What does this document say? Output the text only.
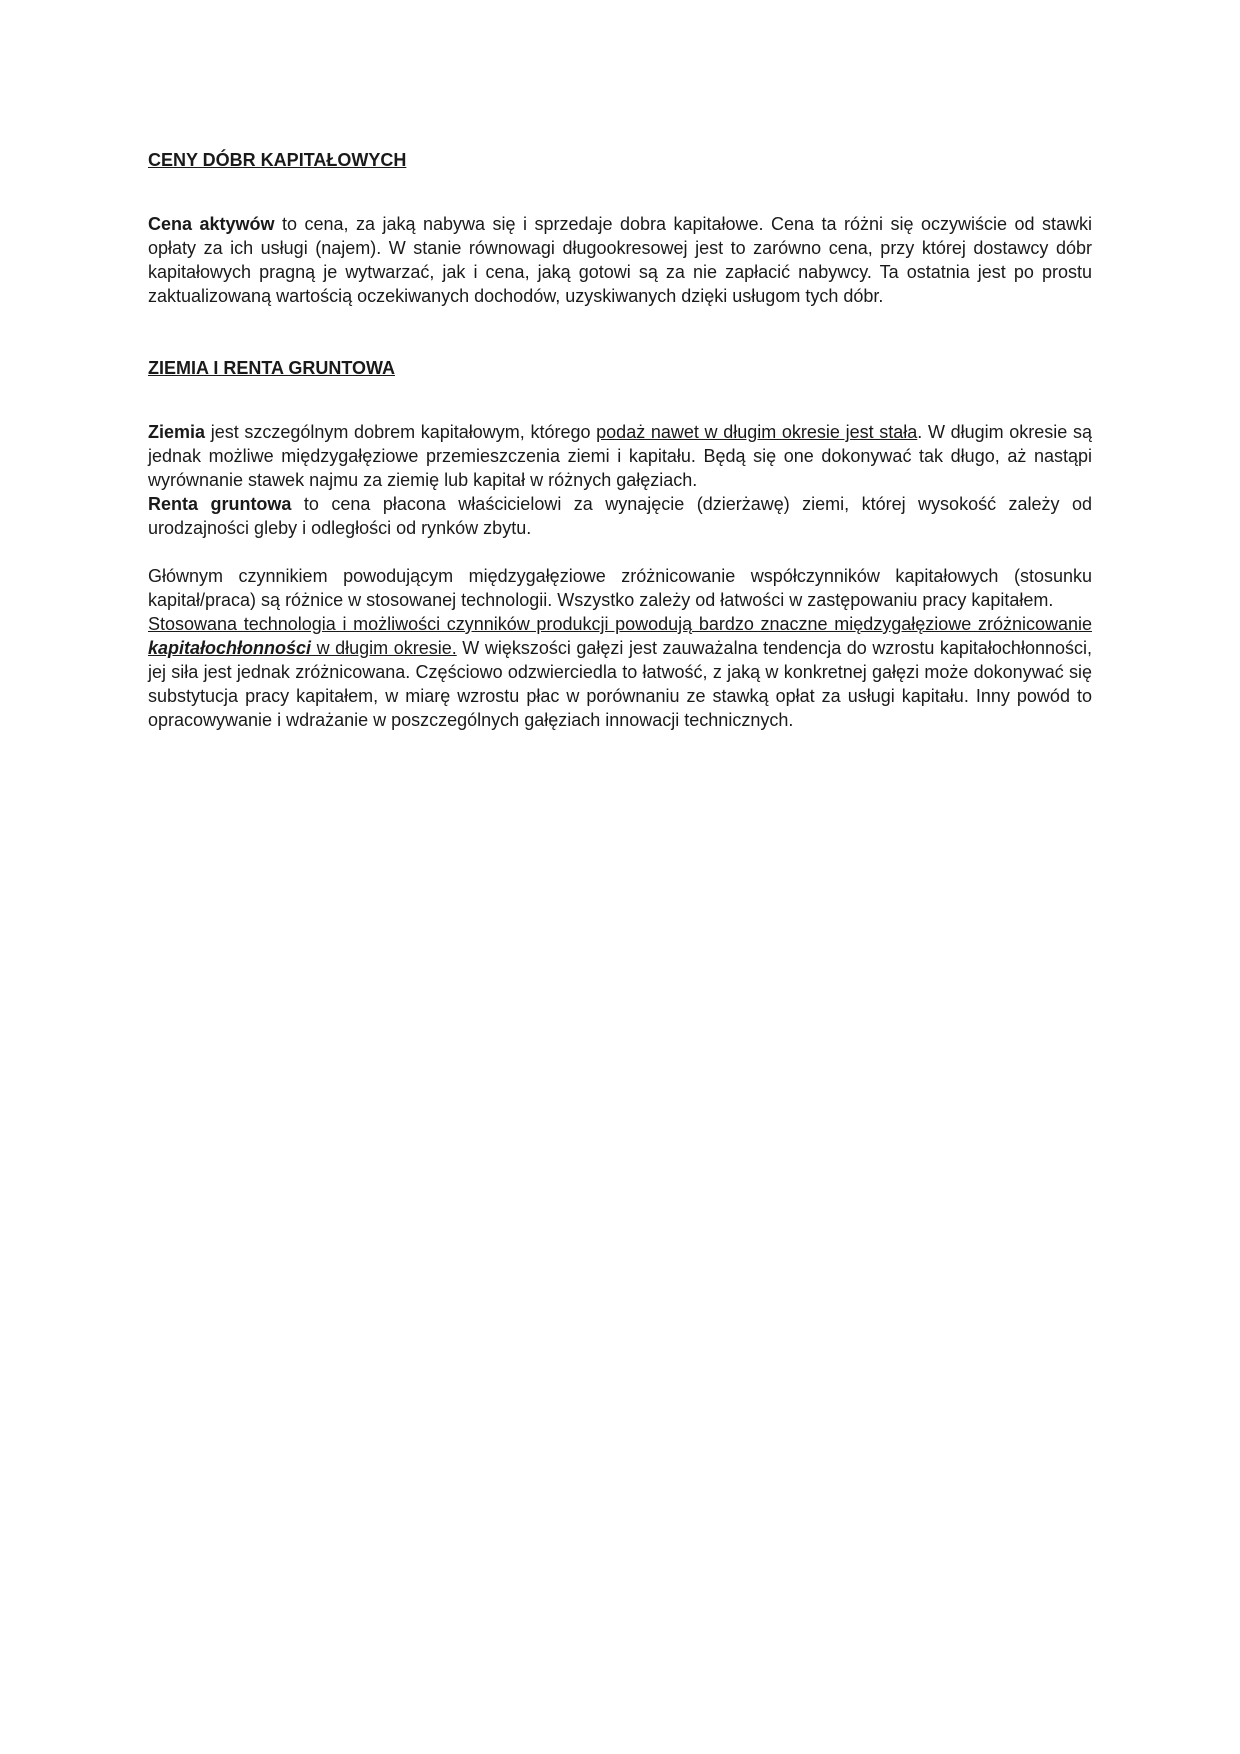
CENY DÓBR KAPITAŁOWYCH

Cena aktywów to cena, za jaką nabywa się i sprzedaje dobra kapitałowe. Cena ta różni się oczywiście od stawki opłaty za ich usługi (najem). W stanie równowagi długookresowej jest to zarówno cena, przy której dostawcy dóbr kapitałowych pragną je wytwarzać, jak i cena, jaką gotowi są za nie zapłacić nabywcy. Ta ostatnia jest po prostu zaktualizowaną wartością oczekiwanych dochodów, uzyskiwanych dzięki usługom tych dóbr.

ZIEMIA I RENTA GRUNTOWA

Ziemia jest szczególnym dobrem kapitałowym, którego podaż nawet w długim okresie jest stała. W długim okresie są jednak możliwe międzygałęziowe przemieszczenia ziemi i kapitału. Będą się one dokonywać tak długo, aż nastąpi wyrównanie stawek najmu za ziemię lub kapitał w różnych gałęziach.
Renta gruntowa to cena płacona właścicielowi za wynajęcie (dzierżawę) ziemi, której wysokość zależy od urodzajności gleby i odległości od rynków zbytu.

Głównym czynnikiem powodującym międzygałęziowe zróżnicowanie współczynników kapitałowych (stosunku kapitał/praca) są różnice w stosowanej technologii. Wszystko zależy od łatwości w zastępowaniu pracy kapitałem.
Stosowana technologia i możliwości czynników produkcji powodują bardzo znaczne międzygałęziowe zróżnicowanie kapitałochłonności w długim okresie. W większości gałęzi jest zauważalna tendencja do wzrostu kapitałochłonności, jej siła jest jednak zróżnicowana. Częściowo odzwierciedla to łatwość, z jaką w konkretnej gałęzi może dokonywać się substytucja pracy kapitałem, w miarę wzrostu płac w porównaniu ze stawką opłat za usługi kapitału. Inny powód to opracowywanie i wdrażanie w poszczególnych gałęziach innowacji technicznych.
